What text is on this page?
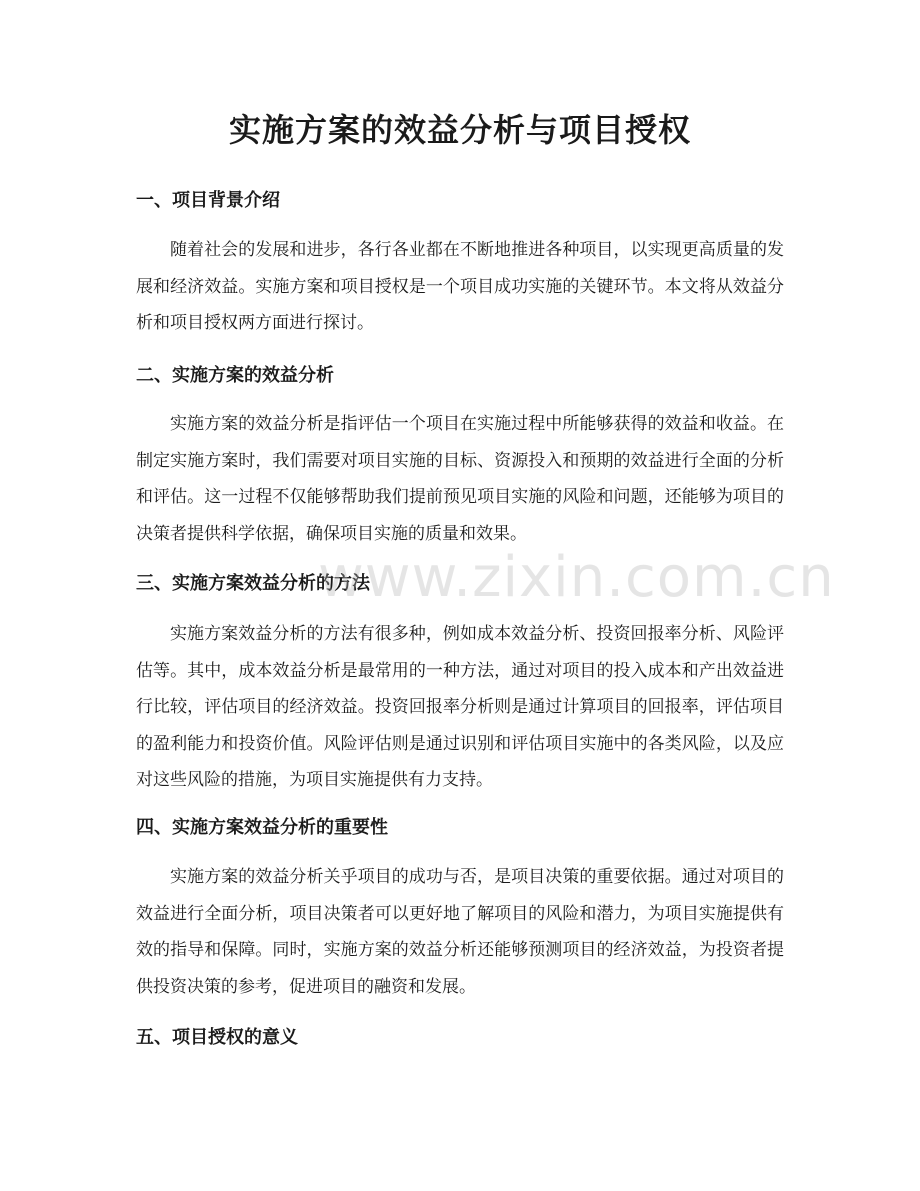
实施方案的效益分析与项目授权
一、项目背景介绍

随着社会的发展和进步，各行各业都在不断地推进各种项目，以实现更高质量的发展和经济效益。实施方案和项目授权是一个项目成功实施的关键环节。本文将从效益分析和项目授权两方面进行探讨。

二、实施方案的效益分析

实施方案的效益分析是指评估一个项目在实施过程中所能够获得的效益和收益。在制定实施方案时，我们需要对项目实施的目标、资源投入和预期的效益进行全面的分析和评估。这一过程不仅能够帮助我们提前预见项目实施的风险和问题，还能够为项目的决策者提供科学依据，确保项目实施的质量和效果。

三、实施方案效益分析的方法

实施方案效益分析的方法有很多种，例如成本效益分析、投资回报率分析、风险评估等。其中，成本效益分析是最常用的一种方法，通过对项目的投入成本和产出效益进行比较，评估项目的经济效益。投资回报率分析则是通过计算项目的回报率，评估项目的盈利能力和投资价值。风险评估则是通过识别和评估项目实施中的各类风险，以及应对这些风险的措施，为项目实施提供有力支持。

四、实施方案效益分析的重要性

实施方案的效益分析关乎项目的成功与否，是项目决策的重要依据。通过对项目的效益进行全面分析，项目决策者可以更好地了解项目的风险和潜力，为项目实施提供有效的指导和保障。同时，实施方案的效益分析还能够预测项目的经济效益，为投资者提供投资决策的参考，促进项目的融资和发展。

五、项目授权的意义
www.zixin.com.cn
